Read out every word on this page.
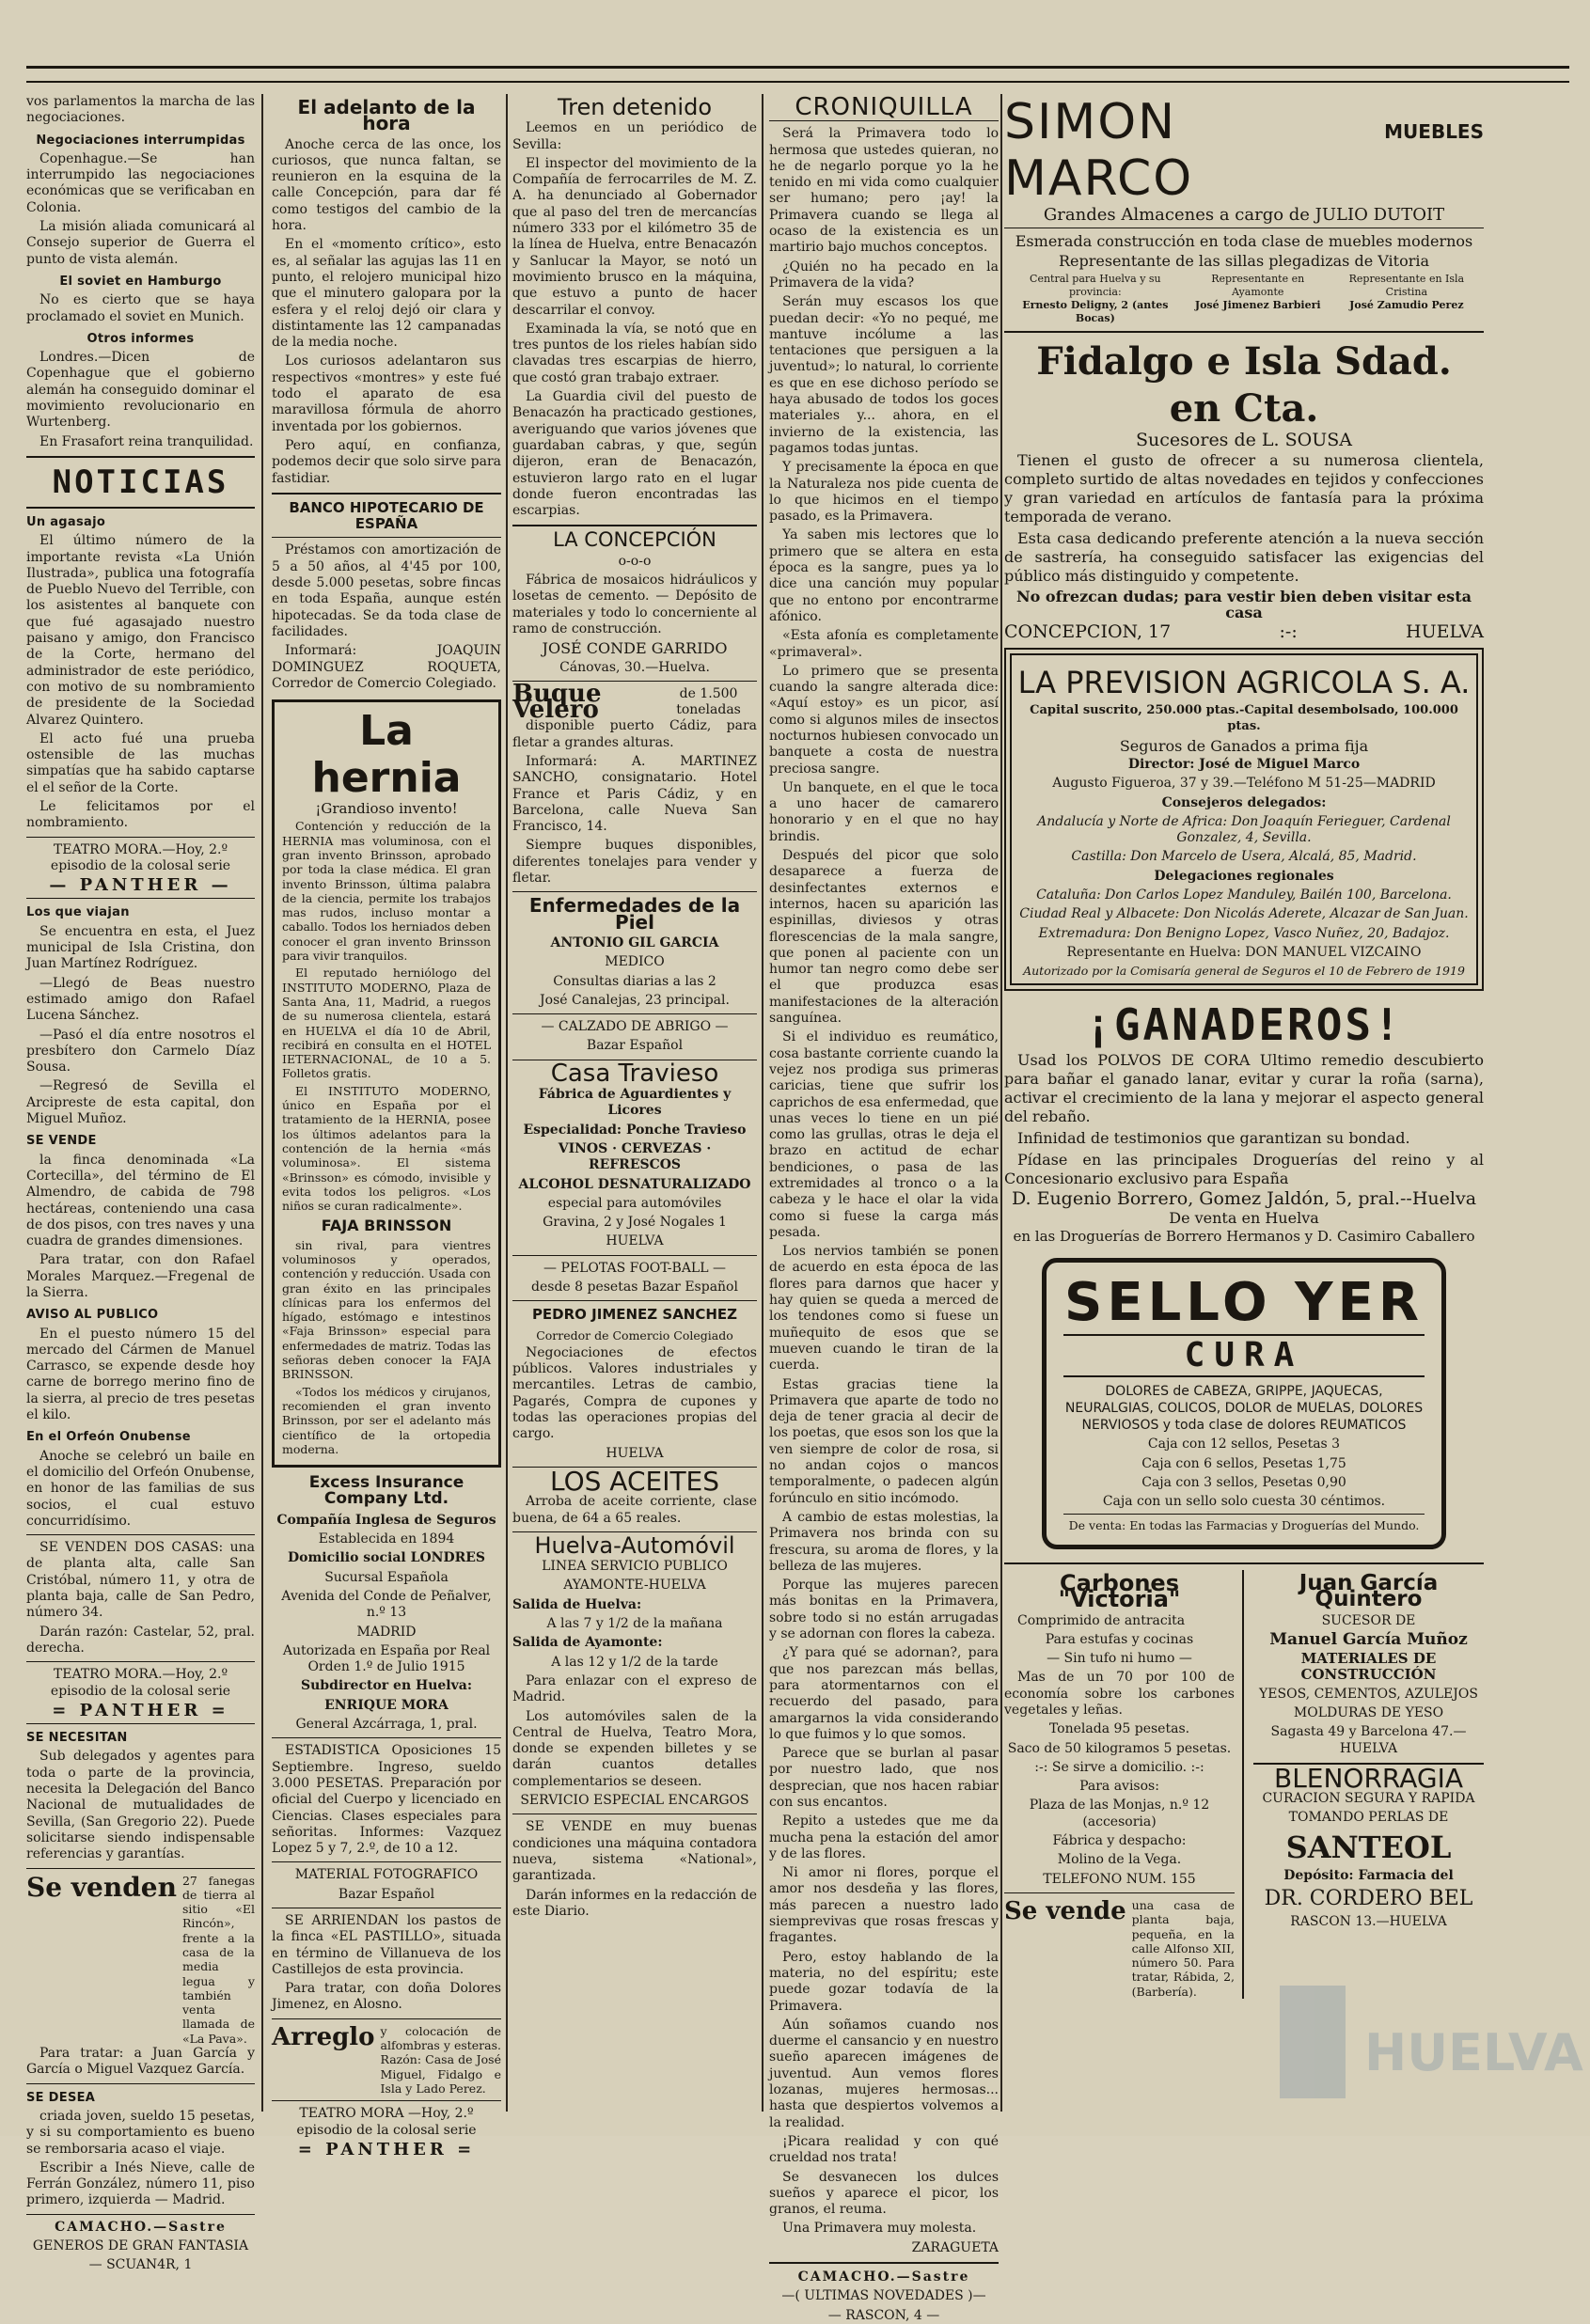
vos parlamentos la marcha de las negociaciones.

Negociaciones interrumpidas

Copenhague.—Se han interrumpido las negociaciones económicas que se verificaban en Colonia.

La misión aliada comunicará al Consejo superior de Guerra el punto de vista alemán.

El soviet en Hamburgo

No es cierto que se haya proclamado el soviet en Munich.

Otros informes

Londres.—Dicen de Copenhague que el gobierno alemán ha conseguido dominar el movimiento revolucionario en Wurtenberg.

En Frasafort reina tranquilidad.

NOTICIAS
Un agasajo

El último número de la importante revista «La Unión Ilustrada», publica una fotografía de Pueblo Nuevo del Terrible, con los asistentes al banquete con que fué agasajado nuestro paisano y amigo, don Francisco de la Corte, hermano del administrador de este periódico, con motivo de su nombramiento de presidente de la Sociedad Alvarez Quintero.

El acto fué una prueba ostensible de las muchas simpatías que ha sabido captarse el el señor de la Corte.

Le felicitamos por el nombramiento.

TEATRO MORA.—Hoy, 2.º episodio de la colosal serie

— PANTHER —

Los que viajan

Se encuentra en esta, el Juez municipal de Isla Cristina, don Juan Martínez Rodríguez.

—Llegó de Beas nuestro estimado amigo don Rafael Lucena Sánchez.

—Pasó el día entre nosotros el presbítero don Carmelo Díaz Sousa.

—Regresó de Sevilla el Arcipreste de esta capital, don Miguel Muñoz.

SE VENDE

la finca denominada «La Cortecilla», del término de El Almendro, de cabida de 798 hectáreas, conteniendo una casa de dos pisos, con tres naves y una cuadra de grandes dimensiones.

Para tratar, con don Rafael Morales Marquez.—Fregenal de la Sierra.

AVISO AL PUBLICO

En el puesto número 15 del mercado del Cármen de Manuel Carrasco, se expende desde hoy carne de borrego merino fino de la sierra, al precio de tres pesetas el kilo.

En el Orfeón Onubense

Anoche se celebró un baile en el domicilio del Orfeón Onubense, en honor de las familias de sus socios, el cual estuvo concurridísimo.

SE VENDEN DOS CASAS: una de planta alta, calle San Cristóbal, número 11, y otra de planta baja, calle de San Pedro, número 34.

Darán razón: Castelar, 52, pral. derecha.

TEATRO MORA.—Hoy, 2.º episodio de la colosal serie

= PANTHER =

SE NECESITAN

Sub delegados y agentes para toda o parte de la provincia, necesita la Delegación del Banco Nacional de mutualidades de Sevilla, (San Gregorio 22). Puede solicitarse siendo indispensable referencias y garantías.

Se venden 27 fanegas de tierra al sitio «El Rincón», frente a la casa de la media legua y también venta llamada de «La Pava».

Para tratar: a Juan García y García o Miguel Vazquez García.

SE DESEA

criada joven, sueldo 15 pesetas, y si su comportamiento es bueno se remborsaria acaso el viaje.

Escribir a Inés Nieve, calle de Ferrán González, número 11, piso primero, izquierda — Madrid.

CAMACHO.—Sastre

GENEROS DE GRAN FANTASIA

— SCUAN4R, 1

El adelanto de la hora

Anoche cerca de las once, los curiosos, que nunca faltan, se reunieron en la esquina de la calle Concepción, para dar fé como testigos del cambio de la hora.

En el «momento crítico», esto es, al señalar las agujas las 11 en punto, el relojero municipal hizo que el minutero galopara por la esfera y el reloj dejó oir clara y distintamente las 12 campanadas de la media noche.

Los curiosos adelantaron sus respectivos «montres» y este fué todo el aparato de esa maravillosa fórmula de ahorro inventada por los gobiernos.

Pero aquí, en confianza, podemos decir que solo sirve para fastidiar.

BANCO HIPOTECARIO DE ESPAÑA

Préstamos con amortización de 5 a 50 años, al 4'45 por 100, desde 5.000 pesetas, sobre fincas en toda España, aunque estén hipotecadas. Se da toda clase de facilidades.

Informará: JOAQUIN DOMINGUEZ ROQUETA, Corredor de Comercio Colegiado.

La hernia

¡Grandioso invento!

Contención y reducción de la HERNIA mas voluminosa, con el gran invento Brinsson, aprobado por toda la clase médica. El gran invento Brinsson, última palabra de la ciencia, permite los trabajos mas rudos, incluso montar a caballo. Todos los herniados deben conocer el gran invento Brinsson para vivir tranquilos.

El reputado herniólogo del INSTITUTO MODERNO, Plaza de Santa Ana, 11, Madrid, a ruegos de su numerosa clientela, estará en HUELVA el día 10 de Abril, recibirá en consulta en el HOTEL IETERNACIONAL, de 10 a 5. Folletos gratis.

El INSTITUTO MODERNO, único en España por el tratamiento de la HERNIA, posee los últimos adelantos para la contención de la hernia «más voluminosa». El sistema «Brinsson» es cómodo, invisible y evita todos los peligros. «Los niños se curan radicalmente».

FAJA BRINSSON

sin rival, para vientres voluminosos y operados, contención y reducción. Usada con gran éxito en las principales clínicas para los enfermos del hígado, estómago e intestinos «Faja Brinsson» especial para enfermedades de matriz. Todas las señoras deben conocer la FAJA BRINSSON.

«Todos los médicos y cirujanos, recomienden el gran invento Brinsson, por ser el adelanto más científico de la ortopedia moderna.

Excess Insurance Company Ltd.

Compañía Inglesa de Seguros

Establecida en 1894

Domicilio social LONDRES

Sucursal Española

Avenida del Conde de Peñalver, n.º 13

MADRID

Autorizada en España por Real Orden 1.º de Julio 1915

Subdirector en Huelva:

ENRIQUE MORA

General Azcárraga, 1, pral.

ESTADISTICA Oposiciones 15 Septiembre. Ingreso, sueldo 3.000 PESETAS. Preparación por oficial del Cuerpo y licenciado en Ciencias. Clases especiales para señoritas. Informes: Vazquez Lopez 5 y 7, 2.º, de 10 a 12.

MATERIAL FOTOGRAFICO

Bazar Español

SE ARRIENDAN los pastos de la finca «EL PASTILLO», situada en término de Villanueva de los Castillejos de esta provincia.

Para tratar, con doña Dolores Jimenez, en Alosno.

Arreglo y colocación de alfombras y esteras. Razón: Casa de José Miguel, Fidalgo e Isla y Lado Perez.

TEATRO MORA —Hoy, 2.º episodio de la colosal serie

= PANTHER =

Tren detenido

Leemos en un periódico de Sevilla:

El inspector del movimiento de la Compañía de ferrocarriles de M. Z. A. ha denunciado al Gobernador que al paso del tren de mercancías número 333 por el kilómetro 35 de la línea de Huelva, entre Benacazón y Sanlucar la Mayor, se notó un movimiento brusco en la máquina, que estuvo a punto de hacer descarrilar el convoy.

Examinada la vía, se notó que en tres puntos de los rieles habían sido clavadas tres escarpias de hierro, que costó gran trabajo extraer.

La Guardia civil del puesto de Benacazón ha practicado gestiones, averiguando que varios jóvenes que guardaban cabras, y que, según dijeron, eran de Benacazón, estuvieron largo rato en el lugar donde fueron encontradas las escarpias.

LA CONCEPCIÓN

o-o-o

Fábrica de mosaicos hidráulicos y losetas de cemento. — Depósito de materiales y todo lo concerniente al ramo de construcción.

JOSÉ CONDE GARRIDO

Cánovas, 30.—Huelva.

Buque Velero
de 1.500 toneladas

disponible puerto Cádiz, para fletar a grandes alturas.

Informará: A. MARTINEZ SANCHO, consignatario. Hotel France et Paris Cádiz, y en Barcelona, calle Nueva San Francisco, 14.

Siempre buques disponibles, diferentes tonelajes para vender y fletar.

Enfermedades de la Piel

ANTONIO GIL GARCIA

MEDICO

Consultas diarias a las 2

José Canalejas, 23 principal.

— CALZADO DE ABRIGO —

Bazar Español

Casa Travieso

Fábrica de Aguardientes y Licores

Especialidad: Ponche Travieso

VINOS · CERVEZAS · REFRESCOS

ALCOHOL DESNATURALIZADO

especial para automóviles

Gravina, 2 y José Nogales 1

HUELVA

— PELOTAS FOOT-BALL —

desde 8 pesetas Bazar Español

PEDRO JIMENEZ SANCHEZ

Corredor de Comercio Colegiado

Negociaciones de efectos públicos. Valores industriales y mercantiles. Letras de cambio, Pagarés, Compra de cupones y todas las operaciones propias del cargo.

HUELVA

LOS ACEITES

Arroba de aceite corriente, clase buena, de 64 a 65 reales.

Huelva-Automóvil

LINEA SERVICIO PUBLICO

AYAMONTE-HUELVA

Salida de Huelva:

A las 7 y 1/2 de la mañana

Salida de Ayamonte:

A las 12 y 1/2 de la tarde

Para enlazar con el expreso de Madrid.

Los automóviles salen de la Central de Huelva, Teatro Mora, donde se expenden billetes y se darán cuantos detalles complementarios se deseen.

SERVICIO ESPECIAL ENCARGOS

SE VENDE en muy buenas condiciones una máquina contadora nueva, sistema «National», garantizada.

Darán informes en la redacción de este Diario.

CRONIQUILLA

Será la Primavera todo lo hermosa que ustedes quieran, no he de negarlo porque yo la he tenido en mi vida como cualquier ser humano; pero ¡ay! la Primavera cuando se llega al ocaso de la existencia es un martirio bajo muchos conceptos.

¿Quién no ha pecado en la Primavera de la vida?

Serán muy escasos los que puedan decir: «Yo no pequé, me mantuve incólume a las tentaciones que persiguen a la juventud»; lo natural, lo corriente es que en ese dichoso período se haya abusado de todos los goces materiales y... ahora, en el invierno de la existencia, las pagamos todas juntas.

Y precisamente la época en que la Naturaleza nos pide cuenta de lo que hicimos en el tiempo pasado, es la Primavera.

Ya saben mis lectores que lo primero que se altera en esta época es la sangre, pues ya lo dice una canción muy popular que no entono por encontrarme afónico.

«Esta afonía es completamente «primaveral».

Lo primero que se presenta cuando la sangre alterada dice: «Aquí estoy» es un picor, así como si algunos miles de insectos nocturnos hubiesen convocado un banquete a costa de nuestra preciosa sangre.

Un banquete, en el que le toca a uno hacer de camarero honorario y en el que no hay brindis.

Después del picor que solo desaparece a fuerza de desinfectantes externos e internos, hacen su aparición las espinillas, diviesos y otras florescencias de la mala sangre, que ponen al paciente con un humor tan negro como debe ser el que produzca esas manifestaciones de la alteración sanguínea.

Si el individuo es reumático, cosa bastante corriente cuando la vejez nos prodiga sus primeras caricias, tiene que sufrir los caprichos de esa enfermedad, que unas veces lo tiene en un pié como las grullas, otras le deja el brazo en actitud de echar bendiciones, o pasa de las extremidades al tronco o a la cabeza y le hace el olar la vida como si fuese la carga más pesada.

Los nervios también se ponen de acuerdo en esta época de las flores para darnos que hacer y hay quien se queda a merced de los tendones como si fuese un muñequito de esos que se mueven cuando le tiran de la cuerda.

Estas gracias tiene la Primavera que aparte de todo no deja de tener gracia al decir de los poetas, que esos son los que la ven siempre de color de rosa, si no andan cojos o mancos temporalmente, o padecen algún forúnculo en sitio incómodo.

A cambio de estas molestias, la Primavera nos brinda con su frescura, su aroma de flores, y la belleza de las mujeres.

Porque las mujeres parecen más bonitas en la Primavera, sobre todo si no están arrugadas y se adornan con flores la cabeza.

¿Y para qué se adornan?, para que nos parezcan más bellas, para atormentarnos con el recuerdo del pasado, para amargarnos la vida considerando lo que fuimos y lo que somos.

Parece que se burlan al pasar por nuestro lado, que nos desprecian, que nos hacen rabiar con sus encantos.

Repito a ustedes que me da mucha pena la estación del amor y de las flores.

Ni amor ni flores, porque el amor nos desdeña y las flores, más parecen a nuestro lado siemprevivas que rosas frescas y fragantes.

Pero, estoy hablando de la materia, no del espíritu; este puede gozar todavía de la Primavera.

Aún soñamos cuando nos duerme el cansancio y en nuestro sueño aparecen imágenes de juventud. Aun vemos flores lozanas, mujeres hermosas... hasta que despiertos volvemos a la realidad.

¡Picara realidad y con qué crueldad nos trata!

Se desvanecen los dulces sueños y aparece el picor, los granos, el reuma.

Una Primavera muy molesta.

ZARAGUETA

CAMACHO.—Sastre

—( ULTIMAS NOVEDADES )—

— RASCON, 4 —

SIMON MARCO
MUEBLES

Grandes Almacenes a cargo de JULIO DUTOIT

Esmerada construcción en toda clase de muebles modernos

Representante de las sillas plegadizas de Vitoria

Central para Huelva y su provincia:
Ernesto Deligny, 2 (antes Bocas)
Representante en Ayamonte
José Jimenez Barbieri
Representante en Isla Cristina
José Zamudio Perez
Fidalgo e Isla Sdad. en Cta.

Sucesores de L. SOUSA

Tienen el gusto de ofrecer a su numerosa clientela, completo surtido de altas novedades en tejidos y confecciones y gran variedad en artículos de fantasía para la próxima temporada de verano.

Esta casa dedicando preferente atención a la nueva sección de sastrería, ha conseguido satisfacer las exigencias del público más distinguido y competente.

No ofrezcan dudas; para vestir bien deben visitar esta casa

CONCEPCION, 17	:-:	HUELVA
LA PREVISION AGRICOLA S. A.

Capital suscrito, 250.000 ptas.-Capital desembolsado, 100.000 ptas.

Seguros de Ganados a prima fija

Director: José de Miguel Marco

Augusto Figueroa, 37 y 39.—Teléfono M 51-25—MADRID

Consejeros delegados:

Andalucía y Norte de Africa: Don Joaquín Ferieguer, Cardenal Gonzalez, 4, Sevilla.

Castilla: Don Marcelo de Usera, Alcalá, 85, Madrid.

Delegaciones regionales

Cataluña: Don Carlos Lopez Manduley, Bailén 100, Barcelona.

Ciudad Real y Albacete: Don Nicolás Aderete, Alcazar de San Juan.

Extremadura: Don Benigno Lopez, Vasco Nuñez, 20, Badajoz.

Representante en Huelva: DON MANUEL VIZCAINO

Autorizado por la Comisaría general de Seguros el 10 de Febrero de 1919

¡GANADEROS!

Usad los POLVOS DE CORA Ultimo remedio descubierto para bañar el ganado lanar, evitar y curar la roña (sarna), activar el crecimiento de la lana y mejorar el aspecto general del rebaño.

Infinidad de testimonios que garantizan su bondad.

Pídase en las principales Droguerías del reino y al Concesionario exclusivo para España

D. Eugenio Borrero, Gomez Jaldón, 5, pral.--Huelva

De venta en Huelva

en las Droguerías de Borrero Hermanos y D. Casimiro Caballero

SELLO YER
CURA

DOLORES de CABEZA, GRIPPE, JAQUECAS, NEURALGIAS, COLICOS, DOLOR de MUELAS, DOLORES NERVIOSOS y toda clase de dolores REUMATICOS

Caja con 12 sellos, Pesetas 3

Caja con 6 sellos, Pesetas 1,75

Caja con 3 sellos, Pesetas 0,90

Caja con un sello solo cuesta 30 céntimos.

De venta: En todas las Farmacias y Droguerías del Mundo.

Carbones "Victoria"

Comprimido de antracita

Para estufas y cocinas

— Sin tufo ni humo —

Mas de un 70 por 100 de economía sobre los carbones vegetales y leñas.

Tonelada 95 pesetas.

Saco de 50 kilogramos 5 pesetas.

:-: Se sirve a domicilio. :-:

Para avisos:

Plaza de las Monjas, n.º 12 (accesoria)

Fábrica y despacho:

Molino de la Vega.

TELEFONO NUM. 155

Se vende una casa de planta baja, pequeña, en la calle Alfonso XII, número 50. Para tratar, Rábida, 2, (Barbería).
Juan García Quintero

SUCESOR DE

Manuel García Muñoz

MATERIALES DE CONSTRUCCIÓN

YESOS, CEMENTOS, AZULEJOS

MOLDURAS DE YESO

Sagasta 49 y Barcelona 47.—HUELVA

BLENORRAGIA

CURACION SEGURA Y RAPIDA

TOMANDO PERLAS DE

SANTEOL

Depósito: Farmacia del

DR. CORDERO BEL

RASCON 13.—HUELVA

HUELVA
